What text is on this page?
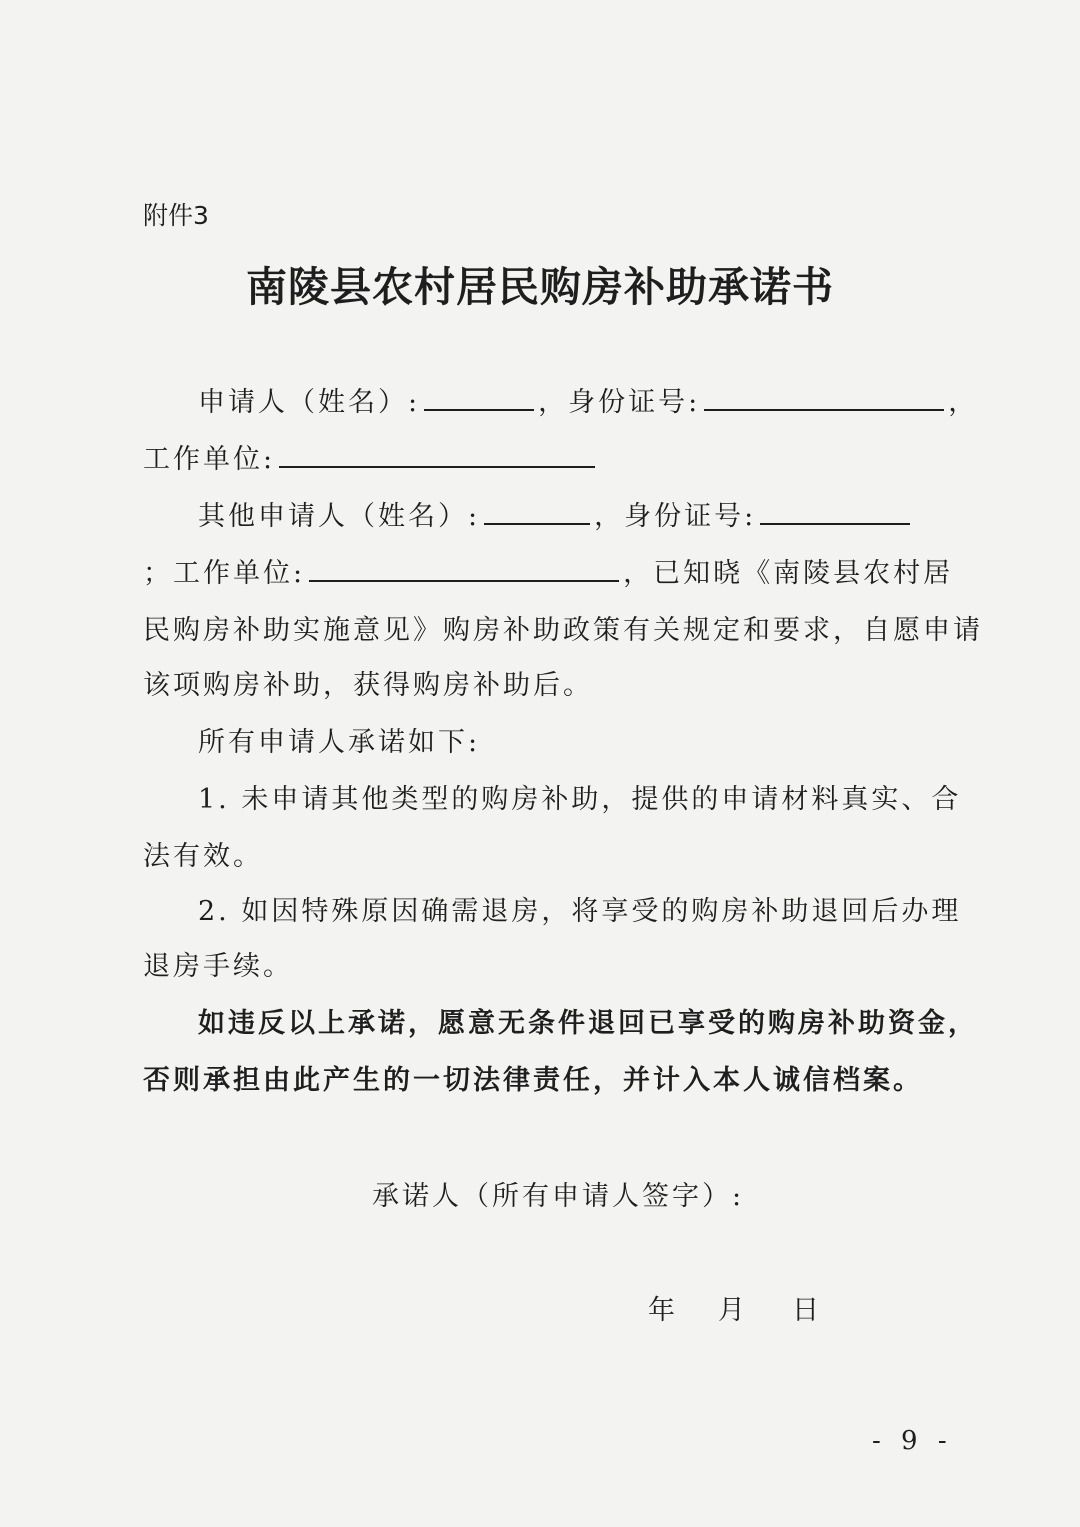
附件3
南陵县农村居民购房补助承诺书
申请人（姓名）:	，身份证号:	，
工作单位:
其他申请人（姓名）:	，身份证号:
；工作单位:	，已知晓《南陵县农村居
民购房补助实施意见》购房补助政策有关规定和要求，自愿申请
该项购房补助，获得购房补助后。
所有申请人承诺如下:
1. 未申请其他类型的购房补助，提供的申请材料真实、合
法有效。
2. 如因特殊原因确需退房，将享受的购房补助退回后办理
退房手续。
如违反以上承诺，愿意无条件退回已享受的购房补助资金，
否则承担由此产生的一切法律责任，并计入本人诚信档案。
承诺人（所有申请人签字）:
年 月 日
- 9 -
